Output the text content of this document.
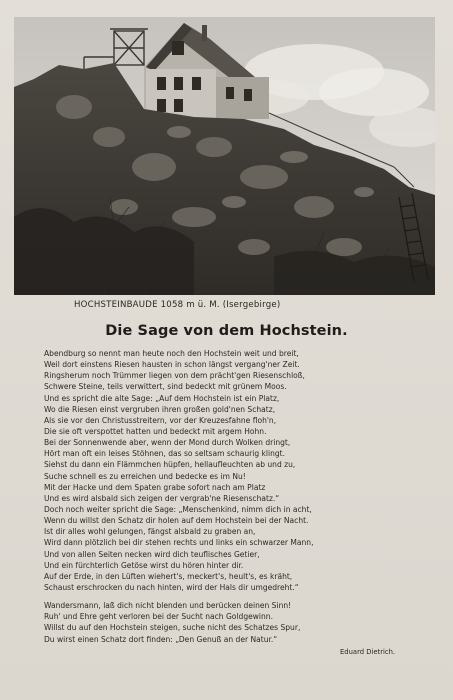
HOCHSTEINBAUDE 1058 m ü. M. (Isergebirge)
Die Sage von dem Hochstein.
Abendburg so nennt man heute noch den Hochstein weit und breit,
Weil dort einstens Riesen hausten in schon längst vergang'ner Zeit.
Ringsherum noch Trümmer liegen von dem prächt'gen Riesenschloß,
Schwere Steine, teils verwittert, sind bedeckt mit grünem Moos.
Und es spricht die alte Sage: „Auf dem Hochstein ist ein Platz,
Wo die Riesen einst vergruben ihren großen gold'nen Schatz,
Als sie vor den Christusstreitern, vor der Kreuzesfahne floh'n,
Die sie oft verspottet hatten und bedeckt mit argem Hohn.
Bei der Sonnenwende aber, wenn der Mond durch Wolken dringt,
Hört man oft ein leises Stöhnen, das so seltsam schaurig klingt.
Siehst du dann ein Flämmchen hüpfen, hellaufleuchten ab und zu,
Suche schnell es zu erreichen und bedecke es im Nu!
Mit der Hacke und dem Spaten grabe sofort nach am Platz
Und es wird alsbald sich zeigen der vergrab'ne Riesenschatz.“
Doch noch weiter spricht die Sage: „Menschenkind, nimm dich in acht,
Wenn du willst den Schatz dir holen auf dem Hochstein bei der Nacht.
Ist dir alles wohl gelungen, fängst alsbald zu graben an,
Wird dann plötzlich bei dir stehen rechts und links ein schwarzer Mann,
Und von allen Seiten necken wird dich teuflisches Getier,
Und ein fürchterlich Getöse wirst du hören hinter dir.
Auf der Erde, in den Lüften wiehert's, meckert's, heult's, es kräht,
Schaust erschrocken du nach hinten, wird der Hals dir umgedreht.“
Wandersmann, laß dich nicht blenden und berücken deinen Sinn!
Ruh' und Ehre geht verloren bei der Sucht nach Goldgewinn.
Willst du auf den Hochstein steigen, suche nicht des Schatzes Spur,
Du wirst einen Schatz dort finden: „Den Genuß an der Natur.“
Eduard Dietrich.
